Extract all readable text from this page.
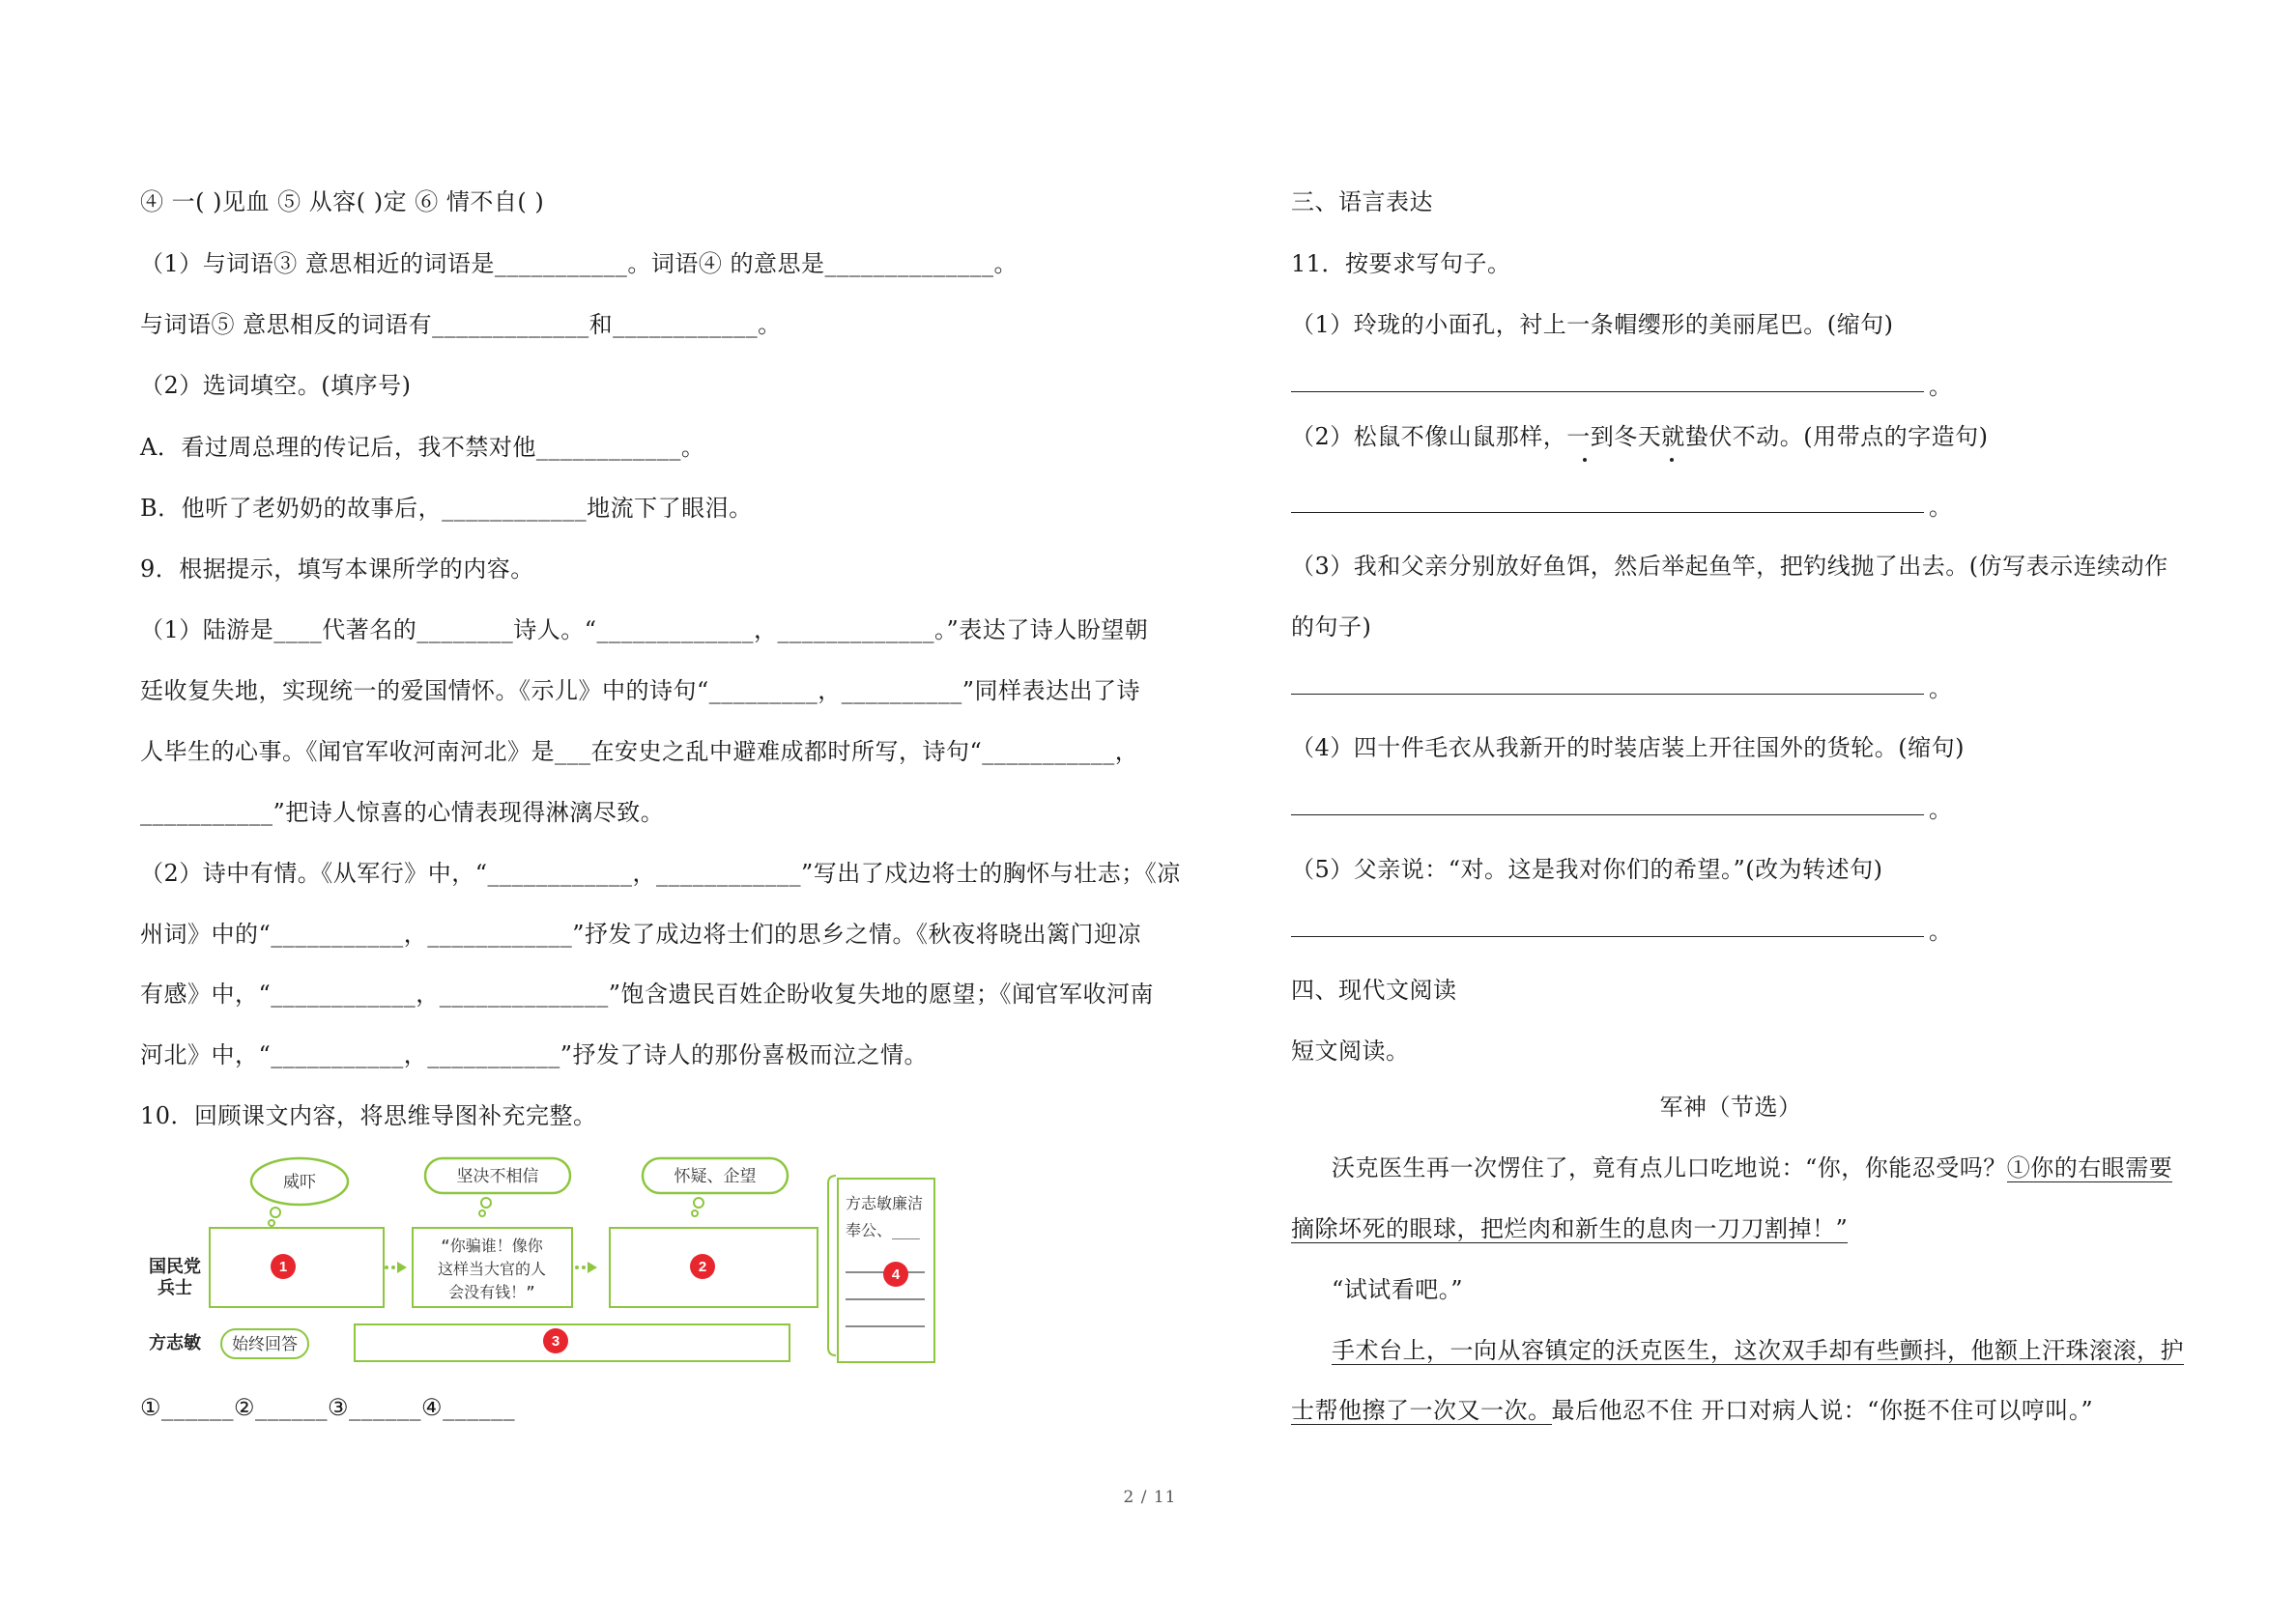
④ 一( )见血 ⑤ 从容( )定 ⑥ 情不自( )
（1）与词语③ 意思相近的词语是___________。词语④ 的意思是______________。
与词语⑤ 意思相反的词语有_____________和____________。
（2）选词填空。(填序号)
A．看过周总理的传记后，我不禁对他____________。
B．他听了老奶奶的故事后，____________地流下了眼泪。
9．根据提示，填写本课所学的内容。
（1）陆游是____代著名的________诗人。“_____________，_____________。”表达了诗人盼望朝
廷收复失地，实现统一的爱国情怀。《示儿》中的诗句“_________，__________”同样表达出了诗
人毕生的心事。《闻官军收河南河北》是___在安史之乱中避难成都时所写，诗句“___________，
___________”把诗人惊喜的心情表现得淋漓尽致。
（2）诗中有情。《从军行》中，“____________，____________”写出了戍边将士的胸怀与壮志；《凉
州词》中的“___________，____________”抒发了成边将士们的思乡之情。《秋夜将晓出篱门迎凉
有感》中，“____________，______________”饱含遗民百姓企盼收复失地的愿望；《闻官军收河南
河北》中，“___________，___________”抒发了诗人的那份喜极而泣之情。
10．回顾课文内容，将思维导图补充完整。
①______②______③______④______
威吓	坚决不相信	怀疑、企望
国民党
兵士
“你骗谁！像你
这样当大官的人
会没有钱！”
方志敏 始终回答
方志敏廉洁
奉公、___
1	2
3
4
三、语言表达
11．按要求写句子。
（1）玲珑的小面孔，衬上一条帽缨形的美丽尾巴。(缩句)
。
（2）松鼠不像山鼠那样，一到冬天就蛰伏不动。(用带点的字造句)
。
（3）我和父亲分别放好鱼饵，然后举起鱼竿，把钓线抛了出去。(仿写表示连续动作
的句子)
。
（4）四十件毛衣从我新开的时装店装上开往国外的货轮。(缩句)
。
（5）父亲说：“对。这是我对你们的希望。”(改为转述句)
。
四、现代文阅读
短文阅读。
军神（节选）
沃克医生再一次愣住了，竟有点儿口吃地说：“你，你能忍受吗？①你的右眼需要
摘除坏死的眼球，把烂肉和新生的息肉一刀刀割掉！”
“试试看吧。”
手术台上，一向从容镇定的沃克医生，这次双手却有些颤抖，他额上汗珠滚滚，护
士帮他擦了一次又一次。最后他忍不住 开口对病人说：“你挺不住可以哼叫。”
2 / 11
